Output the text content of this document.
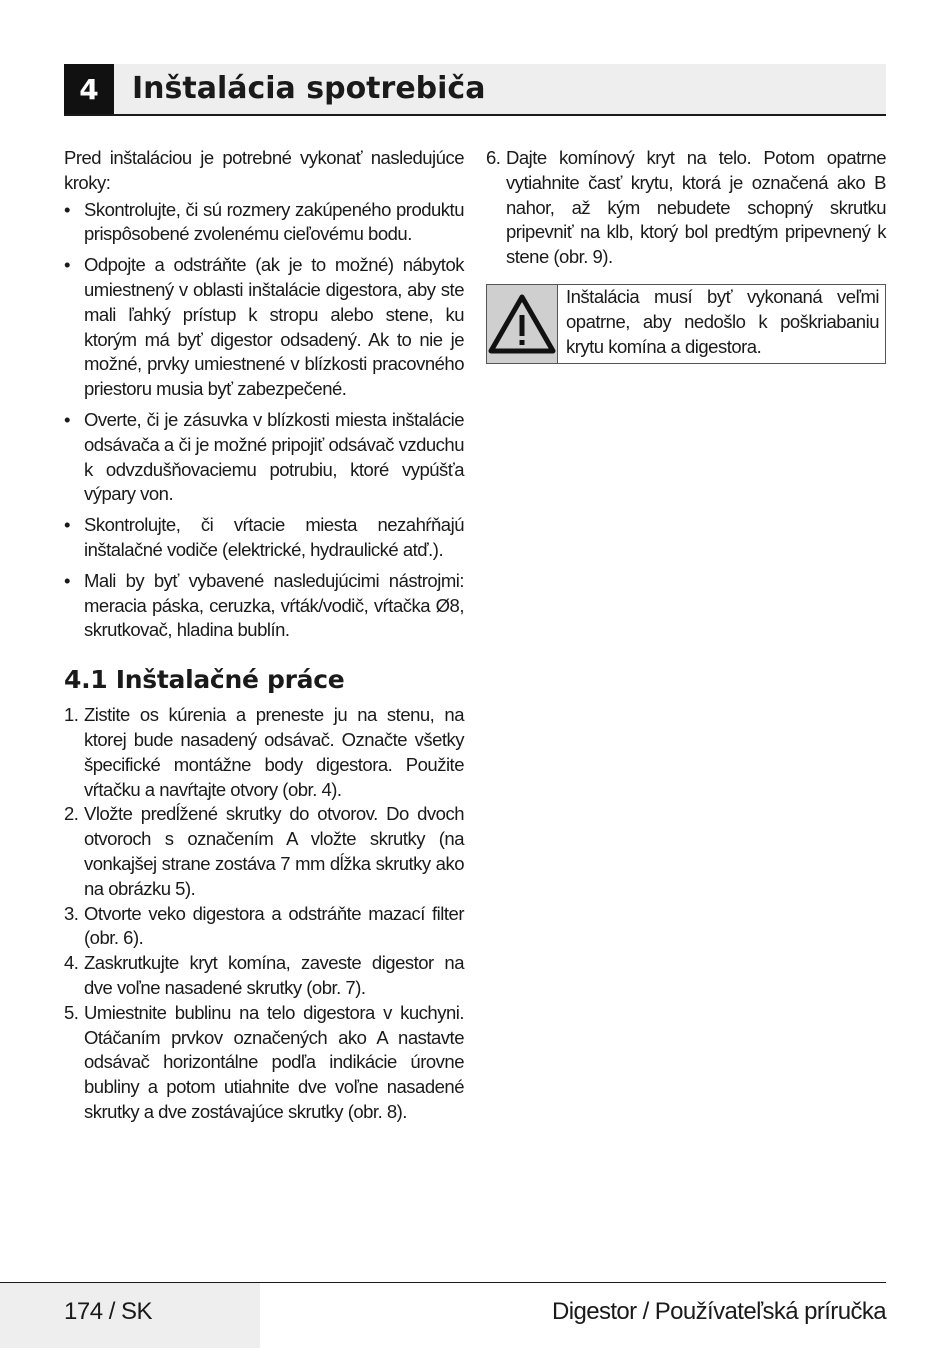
4	Inštalácia spotrebiča

Pred inštaláciou je potrebné vykonať nasledujúce kroky:

• Skontrolujte, či sú rozmery zakúpeného produktu prispôsobené zvolenému cieľovému bodu.
• Odpojte a odstráňte (ak je to možné) nábytok umiestnený v oblasti inštalácie digestora, aby ste mali ľahký prístup k stropu alebo stene, ku ktorým má byť digestor odsadený. Ak to nie je možné, prvky umiestnené v blízkosti pracovného priestoru musia byť zabezpečené.
• Overte, či je zásuvka v blízkosti miesta inštalácie odsávača a či je možné pripojiť odsávač vzduchu k odvzdušňovaciemu potrubiu, ktoré vypúšťa výpary von.
• Skontrolujte, či vŕtacie miesta nezahŕňajú inštalačné vodiče (elektrické, hydraulické atď.).
• Mali by byť vybavené nasledujúcimi nástrojmi: meracia páska, ceruzka, vŕták/vodič, vŕtačka Ø8, skrutkovač, hladina bublín.
4.1 Inštalačné práce
1. Zistite os kúrenia a preneste ju na stenu, na ktorej bude nasadený odsávač. Označte všetky špecifické montážne body digestora. Použite vŕtačku a navŕtajte otvory (obr. 4).
2. Vložte predĺžené skrutky do otvorov. Do dvoch otvoroch s označením A vložte skrutky (na vonkajšej strane zostáva 7 mm dĺžka skrutky ako na obrázku 5).
3. Otvorte veko digestora a odstráňte mazací filter (obr. 6).
4. Zaskrutkujte kryt komína, zaveste digestor na dve voľne nasadené skrutky (obr. 7).
5. Umiestnite bublinu na telo digestora v kuchyni. Otáčaním prvkov označených ako A nastavte odsávač horizontálne podľa indikácie úrovne bubliny a potom utiahnite dve voľne nasadené skrutky a dve zostávajúce skrutky (obr. 8).
6. Dajte komínový kryt na telo. Potom opatrne vytiahnite časť krytu, ktorá je označená ako B nahor, až kým nebudete schopný skrutku pripevniť na klb, ktorý bol predtým pripevnený k stene (obr. 9).
Inštalácia musí byť vykonaná veľmi opatrne, aby nedošlo k poškriabaniu krytu komína a digestora.
174 / SK	Digestor / Používateľská príručka
